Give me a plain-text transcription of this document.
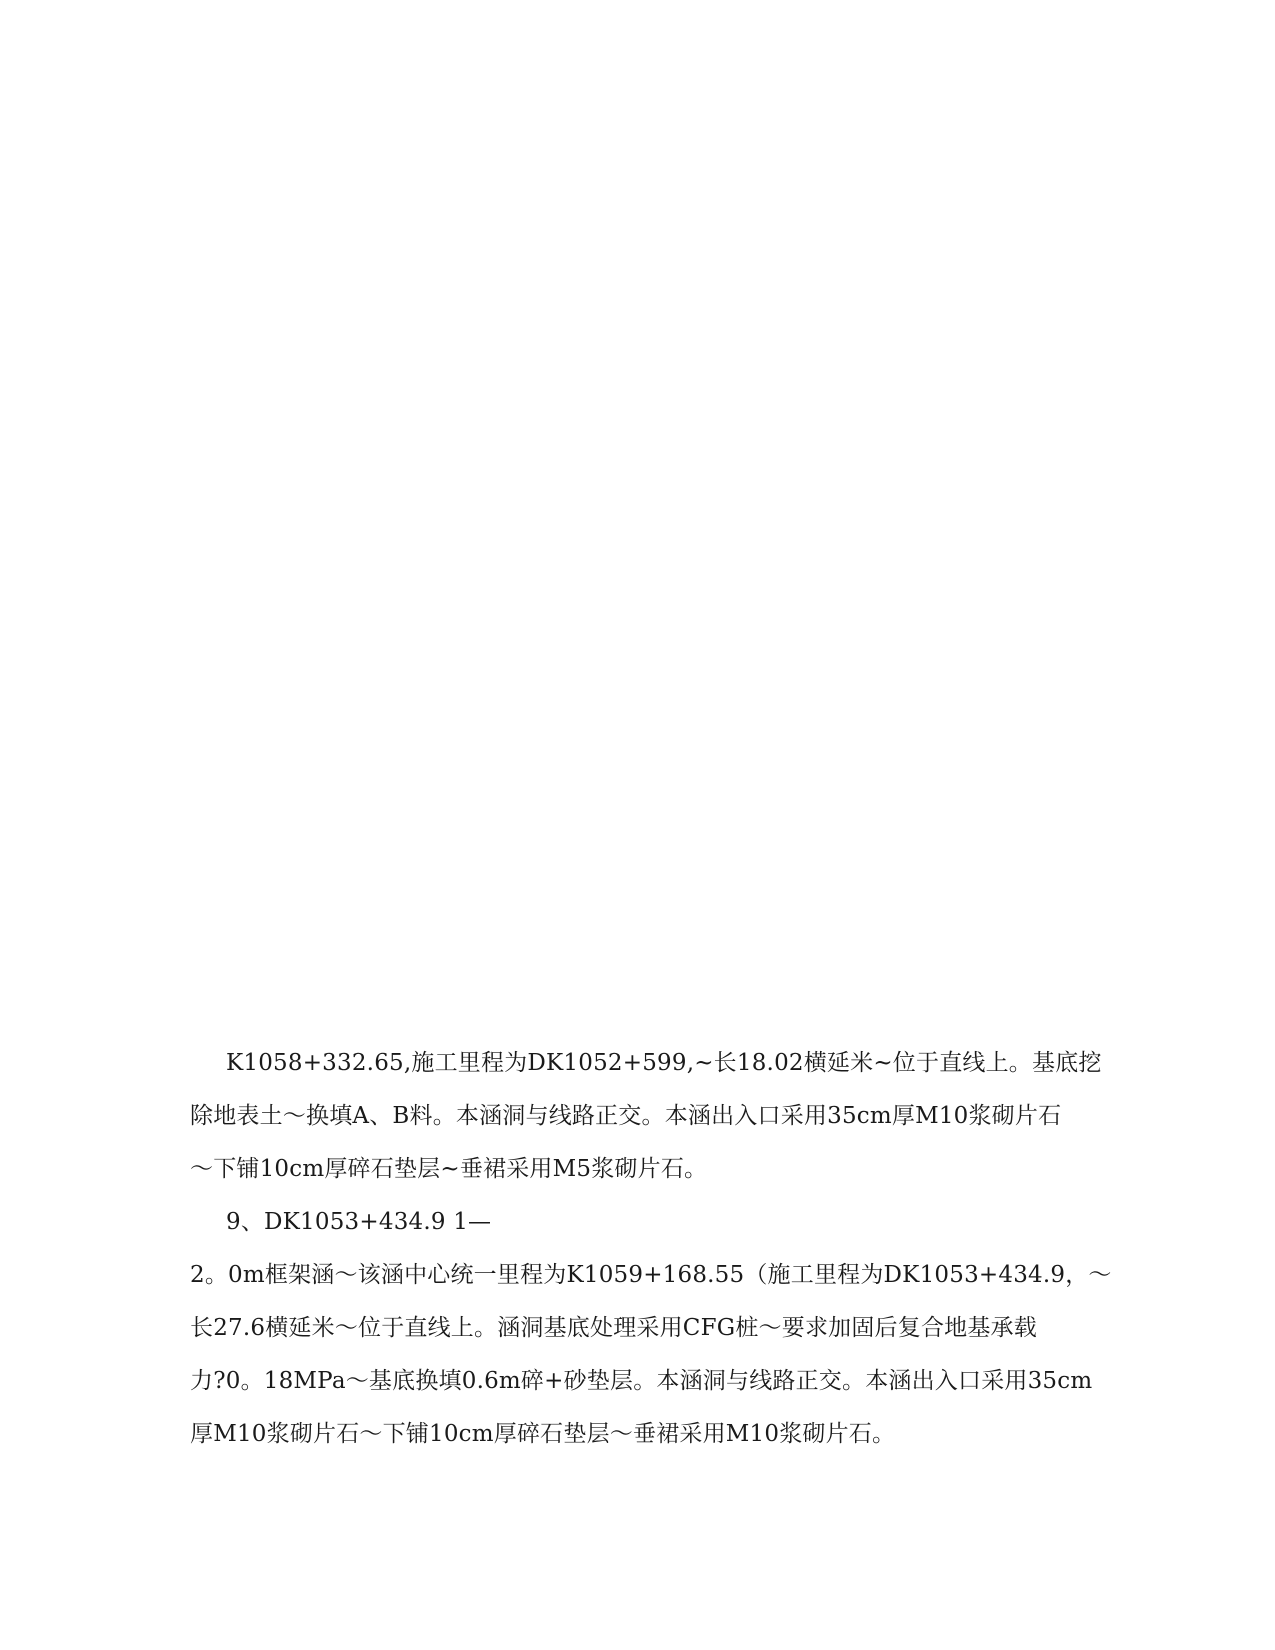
K1058+332.65,施工里程为DK1052+599,~长18.02横延米~位于直线上。基底挖
除地表土～换填A、B料。本涵洞与线路正交。本涵出入口采用35cm厚M10浆砌片石
～下铺10cm厚碎石垫层~垂裙采用M5浆砌片石。
9、DK1053+434.9 1—
2。0m框架涵～该涵中心统一里程为K1059+168.55（施工里程为DK1053+434.9，～
长27.6横延米～位于直线上。涵洞基底处理采用CFG桩～要求加固后复合地基承载
力?0。18MPa～基底换填0.6m碎+砂垫层。本涵洞与线路正交。本涵出入口采用35cm
厚M10浆砌片石～下铺10cm厚碎石垫层～垂裙采用M10浆砌片石。
